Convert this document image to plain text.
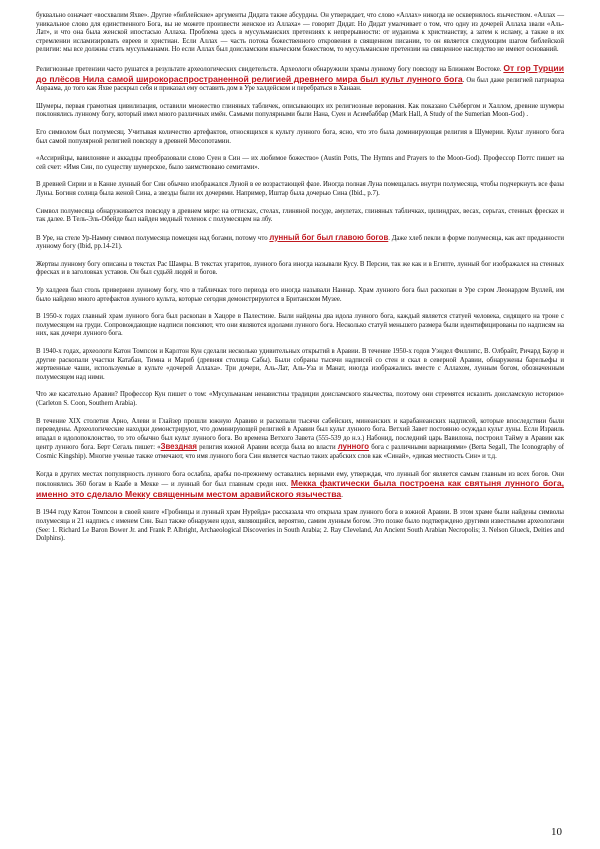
буквально означает «восхвалим Яхве». Другие «библейские» аргументы Дидата также абсурдны. Он утверждает, что слово «Аллах» никогда не осквернялось язычеством. «Аллах — уникальное слово для единственного Бога, вы не можете произвести женское из Аллаха» — говорит Дидат. Но Дидат умалчивает о том, что одну из дочерей Аллаха звали «Аль-Лат», и что она была женской ипостасью Аллаха. Проблема здесь в мусульманских претензиях к непрерывности: от иудаизма к христианству, а затем к исламу, а также в их стремлении исламизировать евреев и христиан. Если Аллах — часть потока божественного откровения в священном писании, то он является следующим шагом библейской религии: мы все должны стать мусульманами. Но если Аллах был доисламским языческим божеством, то мусульманские претензии на священное наследство не имеют оснований.

Религиозные претензии часто рушатся в результате археологических свидетельств. Археологи обнаружили храмы лунному богу повсюду на Ближнем Востоке. От гор Турции до плёсов Нила самой широкораспространенной религией древнего мира был культ лунного бога. Он был даже религией патриарха Авраама, до того как Яхве раскрыл себя и приказал ему оставить дом в Уре халдейском и перебраться в Ханаан.

Шумеры, первая грамотная цивилизация, оставили множество глиняных табличек, описывающих их религиозные верования. Как показано Съёбергом и Халлом, древние шумеры поклонялись лунному богу, который имел много различных имён. Самыми популярными были Нана, Суен и Асимбаббар (Mark Hall, A Study of the Sumerian Moon-God) .

Его символом был полумесяц. Учитывая количество артефактов, относящихся к культу лунного бога, ясно, что это была доминирующая религия в Шумерии. Культ лунного бога был самой популярной религией повсюду в древней Месопотамии.

«Ассирийцы, вавилоняне и аккадцы преобразовали слово Суен в Син — их любимое божество» (Austin Potts, The Hymns and Prayers to the Moon-God). Профессор Поттс пишет на сей счет: «Имя Син, по существу шумерское, было заимствовано семитами».

В древней Сирии и в Канне лунный бог Син обычно изображался Луной в ее возрастающей фазе. Иногда полная Луна помещалась внутри полумесяца, чтобы подчеркнуть все фазы Луны. Богиня солнца была женой Сина, а звезды были их дочерями. Например, Иштар была дочерью Сина (Ibid., p.7).

Символ полумесяца обнаруживается повсюду в древнем мире: на оттисках, стелах, глиняной посуде, амулетах, глиняных табличках, цилиндрах, весах, серьгах, стенных фресках и так далее. В Тель-Эль-Обейде был найден медный теленок с полумесяцем на лбу.

В Уре, на стеле Ур-Намму символ полумесяца помещен над богами, потому что лунный бог был главою богов. Даже хлеб пекли в форме полумесяца, как акт преданности лунному богу (Ibid, pp.14-21).

Жертвы лунному богу описаны в текстах Рас Шамры. В текстах угаритов, лунного бога иногда называли Кусу. В Персии, так же как и в Египте, лунный бог изображался на стенных фресках и в заголовках уставов. Он был судьёй людей и богов.

Ур халдеев был столь привержен лунному богу, что в табличках того периода его иногда называли Наннар. Храм лунного бога был раскопан в Уре сэром Леонардом Вуллей, им было найдено много артефактов лунного культа, которые сегодня демонстрируются в Британском Музее.

В 1950-х годах главный храм лунного бога был раскопан в Хацоре в Палестине. Были найдены два идола лунного бога, каждый является статуей человека, сидящего на троне с полумесяцем на груди. Сопровождающие надписи поясняют, что они являются идолами лунного бога. Несколько статуй меньшего размера были идентифицированы по надписям на них, как дочери лунного бога.

В 1940-х годах, археологи Катон Томпсон и Карлтон Кун сделали несколько удивительных открытий в Аравии. В течение 1950-х годов Уэндел Филлипс, В. Олбрайт, Ричард Бауэр и другие раскопали участки Катабан, Тимна и Мариб (древняя столица Сабы). Были собраны тысячи надписей со стен и скал в северной Аравии, обнаружены барельефы и жертвенные чаши, используемые в культе «дочерей Аллаха». Три дочери, Аль-Лат, Аль-Уза и Манат, иногда изображались вместе с Аллахом, лунным богом, обозначенным полумесяцем над ними.

Что же касательно Аравии? Профессор Кун пишет о том: «Мусульманам ненавистны традиции доисламского язычества, поэтому они стремятся исказить доисламскую историю» (Carleton S. Coon, Southern Arabia).

В течение XIX столетия Арно, Алеви и Глайзер прошли южную Аравию и раскопали тысячи сабейских, минеанских и карабанеанских надписей, которые впоследствии были переведены. Археологические находки демонстрируют, что доминирующей религией в Аравии был культ лунного бога. Ветхий Завет постоянно осуждал культ луны. Если Израиль впадал в идолопоклонство, то это обычно был культ лунного бога. Во времена Ветхого Завета (555-539 до н.э.) Набонид, последний царь Вавилона, построил Тайму в Аравии как центр лунного бога. Берт Сегаль пишет: «Звездная религия южной Аравии всегда была во власти лунного бога с различными вариациями» (Berta Segall, The Iconography of Cosmic Kingship). Многие ученые также отмечают, что имя лунного бога Син является частью таких арабских слов как «Синай», «дикая местность Син» и т.д.

Когда в других местах популярность лунного бога ослабла, арабы по-прежнему оставались верными ему, утверждая, что лунный бог является самым главным из всех богов. Они поклонялись 360 богам в Каабе в Мекке — и лунный бог был главным среди них. Мекка фактически была построена как святыня лунного бога, именно это сделало Мекку священным местом аравийского язычества.

В 1944 году Катон Томпсон в своей книге «Гробницы и лунный храм Нурейда» рассказала что открыла храм лунного бога в южной Аравии. В этом храме были найдены символы полумесяца и 21 надпись с именем Син. Был также обнаружен идол, являющийся, вероятно, самим лунным богом. Это позже было подтверждено другими известными археологами (See: 1. Richard Le Baron Bower Jr. and Frank P. Albright, Archaeological Discoveries in South Arabia; 2. Ray Cleveland, An Ancient South Arabian Necropolis; 3. Nelson Glueck, Deities and Dolphins).

10
